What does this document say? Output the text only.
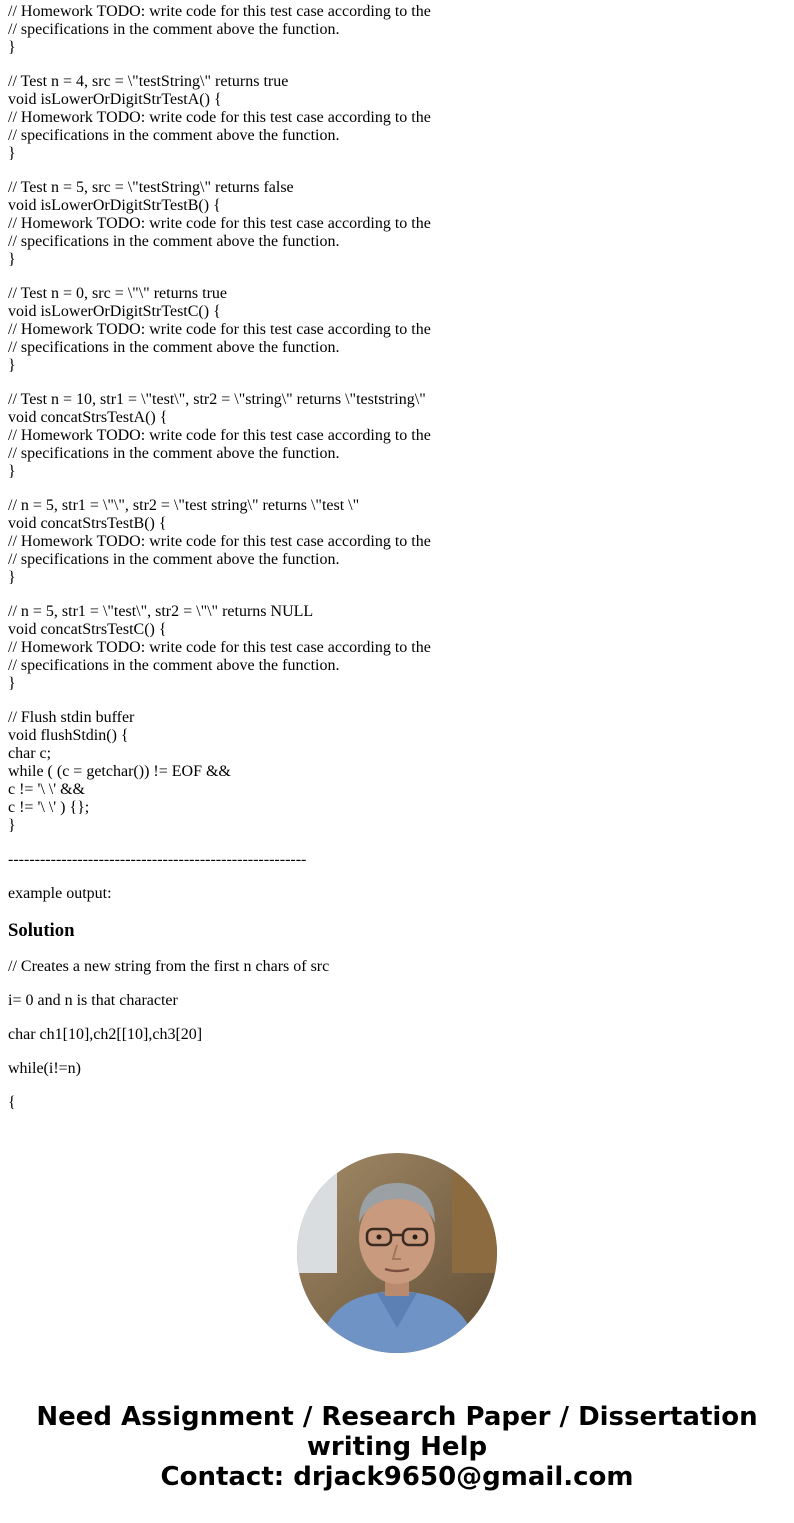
// Homework TODO: write code for this test case according to the
// specifications in the comment above the function.
}
// Test n = 4, src = \"testString\" returns true
void isLowerOrDigitStrTestA() {
// Homework TODO: write code for this test case according to the
// specifications in the comment above the function.
}
// Test n = 5, src = \"testString\" returns false
void isLowerOrDigitStrTestB() {
// Homework TODO: write code for this test case according to the
// specifications in the comment above the function.
}
// Test n = 0, src = \"\" returns true
void isLowerOrDigitStrTestC() {
// Homework TODO: write code for this test case according to the
// specifications in the comment above the function.
}
// Test n = 10, str1 = \"test\", str2 = \"string\" returns \"teststring\"
void concatStrsTestA() {
// Homework TODO: write code for this test case according to the
// specifications in the comment above the function.
}
// n = 5, str1 = \"\", str2 = \"test string\" returns \"test \"
void concatStrsTestB() {
// Homework TODO: write code for this test case according to the
// specifications in the comment above the function.
}
// n = 5, str1 = \"test\", str2 = \"\" returns NULL
void concatStrsTestC() {
// Homework TODO: write code for this test case according to the
// specifications in the comment above the function.
}
// Flush stdin buffer
void flushStdin() {
char c;
while ( (c = getchar()) != EOF &&
c != '\ \' &&
c != '\ \' ) {};
}
--------------------------------------------------------
example output:
Solution
// Creates a new string from the first n chars of src
i= 0 and n is that character
char ch1[10],ch2[[10],ch3[20]
while(i!=n)
{
Need Assignment / Research Paper / Dissertation
writing Help
Contact: drjack9650@gmail.com
